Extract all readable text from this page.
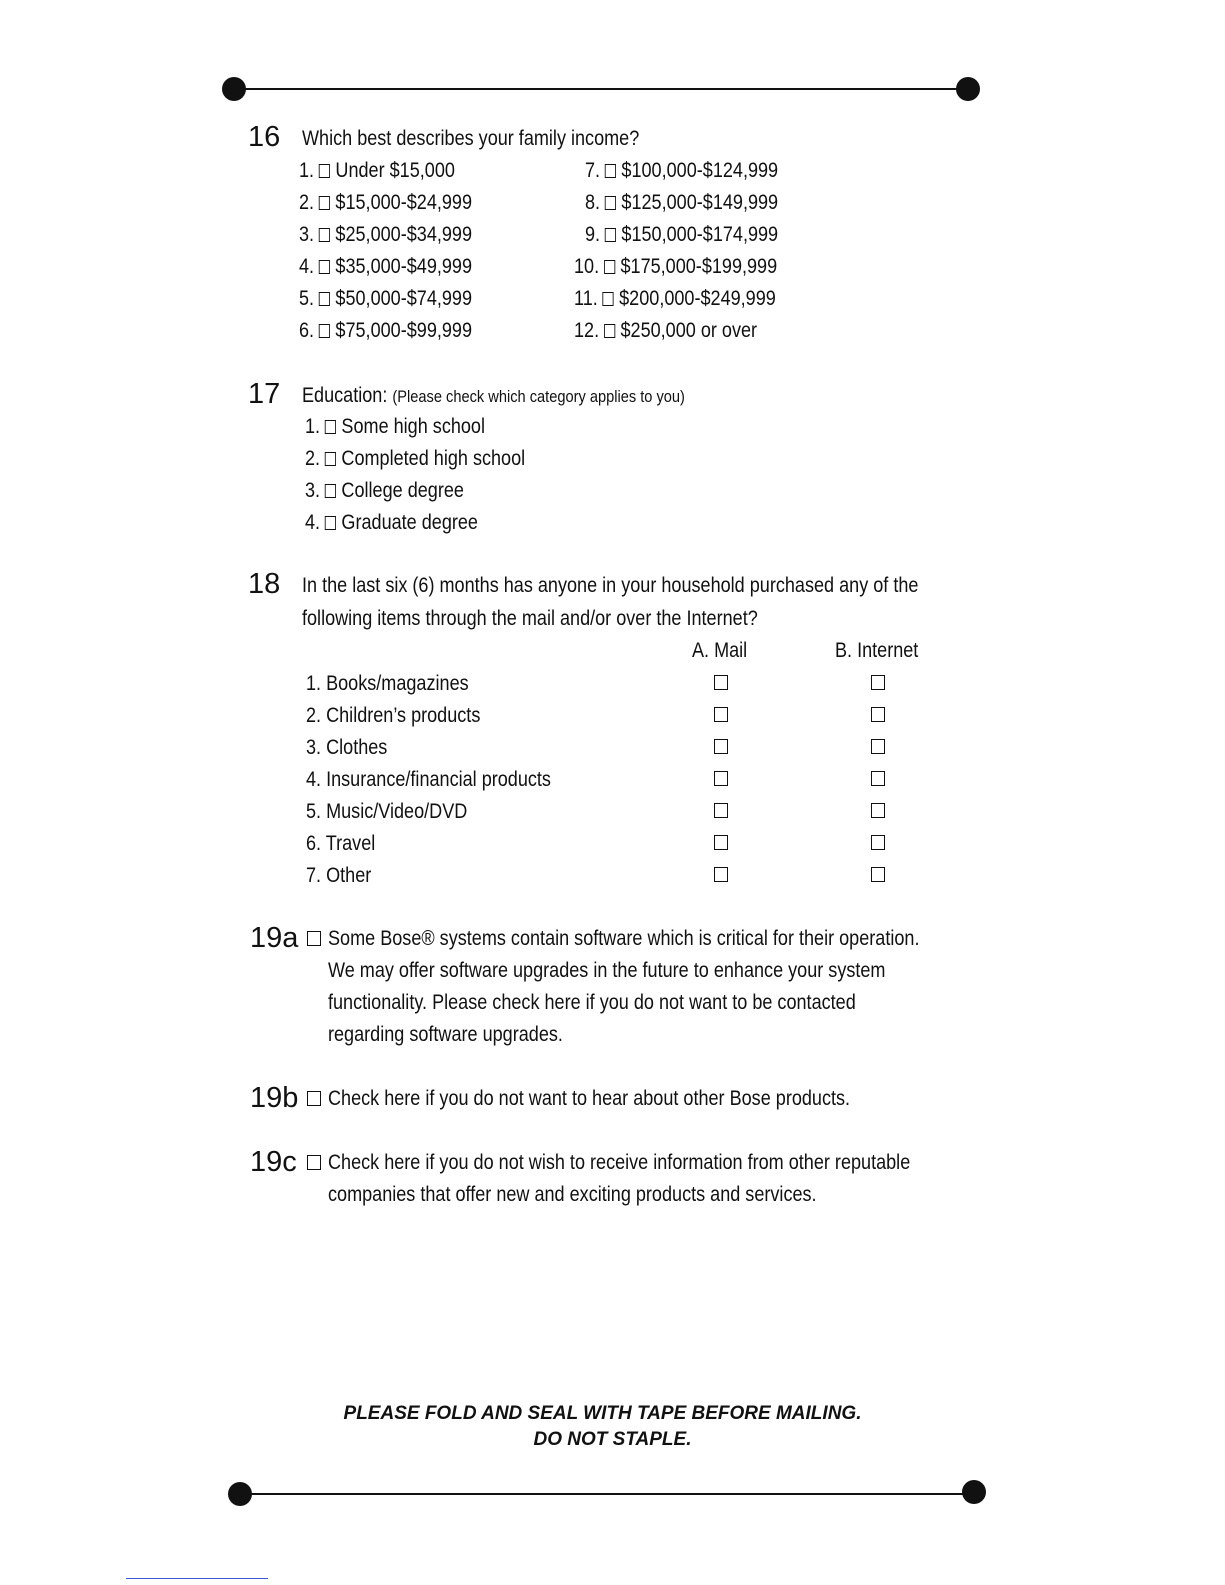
16 Which best describes your family income?
1. Under $15,000
2. $15,000-$24,999
3. $25,000-$34,999
4. $35,000-$49,999
5. $50,000-$74,999
6. $75,000-$99,999
7. $100,000-$124,999
8. $125,000-$149,999
9. $150,000-$174,999
10. $175,000-$199,999
11. $200,000-$249,999
12. $250,000 or over
17 Education: (Please check which category applies to you)
1. Some high school
2. Completed high school
3. College degree
4. Graduate degree
18 In the last six (6) months has anyone in your household purchased any of the
following items through the mail and/or over the Internet?
A. Mail	B. Internet
1. Books/magazines
2. Children’s products
3. Clothes
4. Insurance/financial products
5. Music/Video/DVD
6. Travel
7. Other
19a Some Bose® systems contain software which is critical for their operation.
We may offer software upgrades in the future to enhance your system
functionality. Please check here if you do not want to be contacted
regarding software upgrades.
19b Check here if you do not want to hear about other Bose products.
19c Check here if you do not wish to receive information from other reputable
companies that offer new and exciting products and services.
PLEASE FOLD AND SEAL WITH TAPE BEFORE MAILING.
DO NOT STAPLE.
